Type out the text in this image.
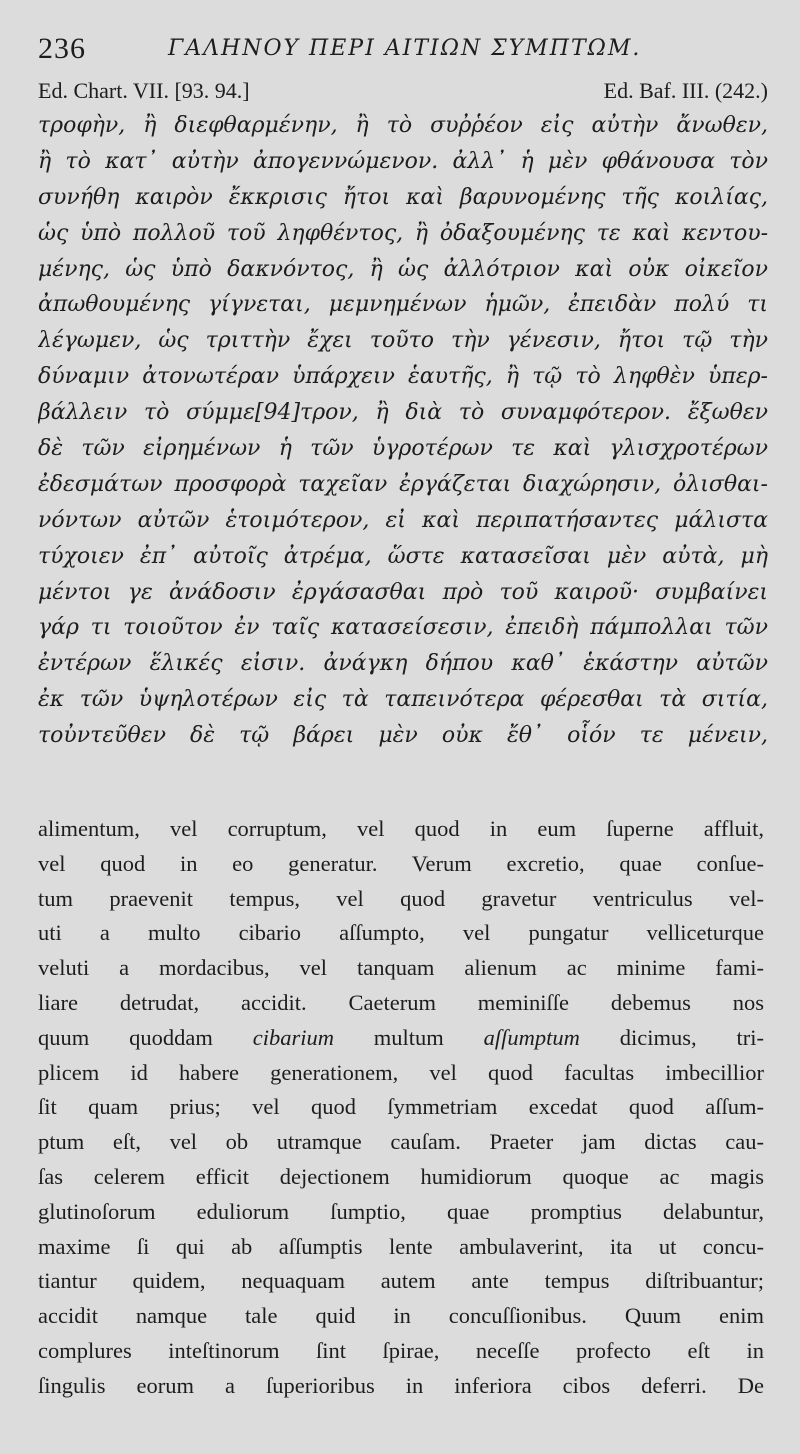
236	ΓΑΛΗΝΟΥ ΠΕΡΙ ΑΙΤΙΩΝ ΣΥΜΠΤΩΜ.
Ed. Chart. VII. [93. 94.]	Ed. Baf. III. (242.)
τροφὴν, ἢ διεφθαρμένην, ἢ τὸ συῤῥέον εἰς αὐτὴν ἄνωθεν,
ἢ τὸ κατ᾽ αὐτὴν ἀπογεννώμενον. ἀλλ᾽ ἡ μὲν φθάνουσα τὸν
συνήθη καιρὸν ἔκκρισις ἤτοι καὶ βαρυνομένης τῆς κοιλίας,
ὡς ὑπὸ πολλοῦ τοῦ ληφθέντος, ἢ ὀδαξουμένης τε καὶ κεντου-
μένης, ὡς ὑπὸ δακνόντος, ἢ ὡς ἀλλότριον καὶ οὐκ οἰκεῖον
ἀπωθουμένης γίγνεται, μεμνημένων ἡμῶν, ἐπειδὰν πολύ τι
λέγωμεν, ὡς τριττὴν ἔχει τοῦτο τὴν γένεσιν, ἤτοι τῷ τὴν
δύναμιν ἀτονωτέραν ὑπάρχειν ἑαυτῆς, ἢ τῷ τὸ ληφθὲν ὑπερ-
βάλλειν τὸ σύμμε[94]τρον, ἢ διὰ τὸ συναμφότερον. ἔξωθεν
δὲ τῶν εἰρημένων ἡ τῶν ὑγροτέρων τε καὶ γλισχροτέρων
ἐδεσμάτων προσφορὰ ταχεῖαν ἐργάζεται διαχώρησιν, ὀλισθαι-
νόντων αὐτῶν ἑτοιμότερον, εἰ καὶ περιπατήσαντες μάλιστα
τύχοιεν ἐπ᾽ αὐτοῖς ἀτρέμα, ὥστε κατασεῖσαι μὲν αὐτὰ, μὴ
μέντοι γε ἀνάδοσιν ἐργάσασθαι πρὸ τοῦ καιροῦ· συμβαίνει
γάρ τι τοιοῦτον ἐν ταῖς κατασείσεσιν, ἐπειδὴ πάμπολλαι τῶν
ἐντέρων ἕλικές εἰσιν. ἀνάγκη δήπου καθ᾽ ἑκάστην αὐτῶν
ἐκ τῶν ὑψηλοτέρων εἰς τὰ ταπεινότερα φέρεσθαι τὰ σιτία,
τοὐντεῦθεν δὲ τῷ βάρει μὲν οὐκ ἔθ᾽ οἷόν τε μένειν,
alimentum, vel corruptum, vel quod in eum ſuperne affluit,
vel quod in eo generatur. Verum excretio, quae conſue-
tum praevenit tempus, vel quod gravetur ventriculus vel-
uti a multo cibario aſſumpto, vel pungatur velliceturque
veluti a mordacibus, vel tanquam alienum ac minime fami-
liare detrudat, accidit. Caeterum meminiſſe debemus nos
quum quoddam cibarium multum aſſumptum dicimus, tri-
plicem id habere generationem, vel quod facultas imbecillior
ſit quam prius; vel quod ſymmetriam excedat quod aſſum-
ptum eſt, vel ob utramque cauſam. Praeter jam dictas cau-
ſas celerem efficit dejectionem humidiorum quoque ac magis
glutinoſorum eduliorum ſumptio, quae promptius delabuntur,
maxime ſi qui ab aſſumptis lente ambulaverint, ita ut concu-
tiantur quidem, nequaquam autem ante tempus diſtribuantur;
accidit namque tale quid in concuſſionibus. Quum enim
complures inteſtinorum ſint ſpirae, neceſſe profecto eſt in
ſingulis eorum a ſuperioribus in inferiora cibos deferri. De
